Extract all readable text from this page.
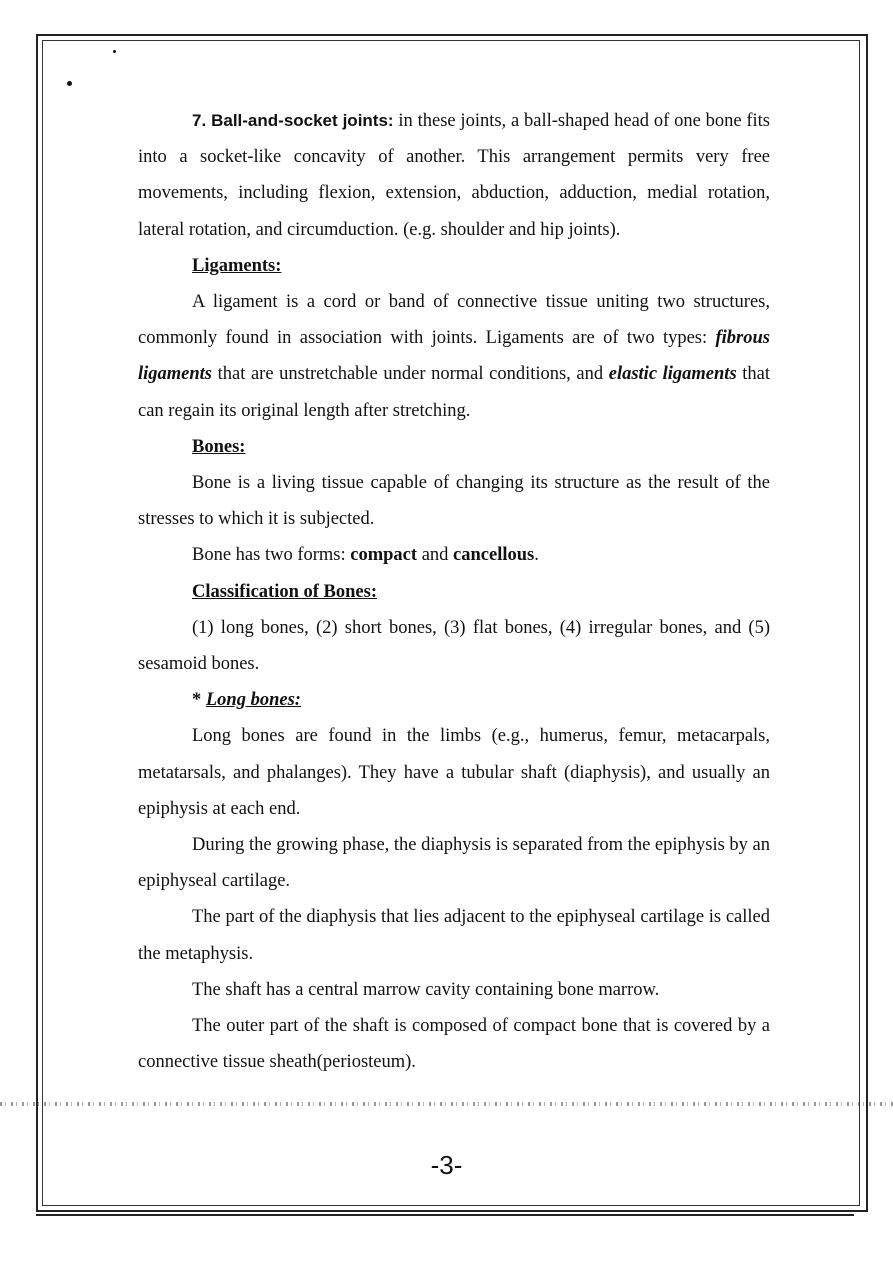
7. Ball-and-socket joints: in these joints, a ball-shaped head of one bone fits into a socket-like concavity of another. This arrangement permits very free movements, including flexion, extension, abduction, adduction, medial rotation, lateral rotation, and circumduction. (e.g. shoulder and hip joints).

Ligaments:

A ligament is a cord or band of connective tissue uniting two structures, commonly found in association with joints. Ligaments are of two types: fibrous ligaments that are unstretchable under normal conditions, and elastic ligaments that can regain its original length after stretching.

Bones:

Bone is a living tissue capable of changing its structure as the result of the stresses to which it is subjected.

Bone has two forms: compact and cancellous.

Classification of Bones:

(1) long bones, (2) short bones, (3) flat bones, (4) irregular bones, and (5) sesamoid bones.

* Long bones:

Long bones are found in the limbs (e.g., humerus, femur, metacarpals, metatarsals, and phalanges). They have a tubular shaft (diaphysis), and usually an epiphysis at each end.

During the growing phase, the diaphysis is separated from the epiphysis by an epiphyseal cartilage.

The part of the diaphysis that lies adjacent to the epiphyseal cartilage is called the metaphysis.

The shaft has a central marrow cavity containing bone marrow.

The outer part of the shaft is composed of compact bone that is covered by a connective tissue sheath(periosteum).

-3-
